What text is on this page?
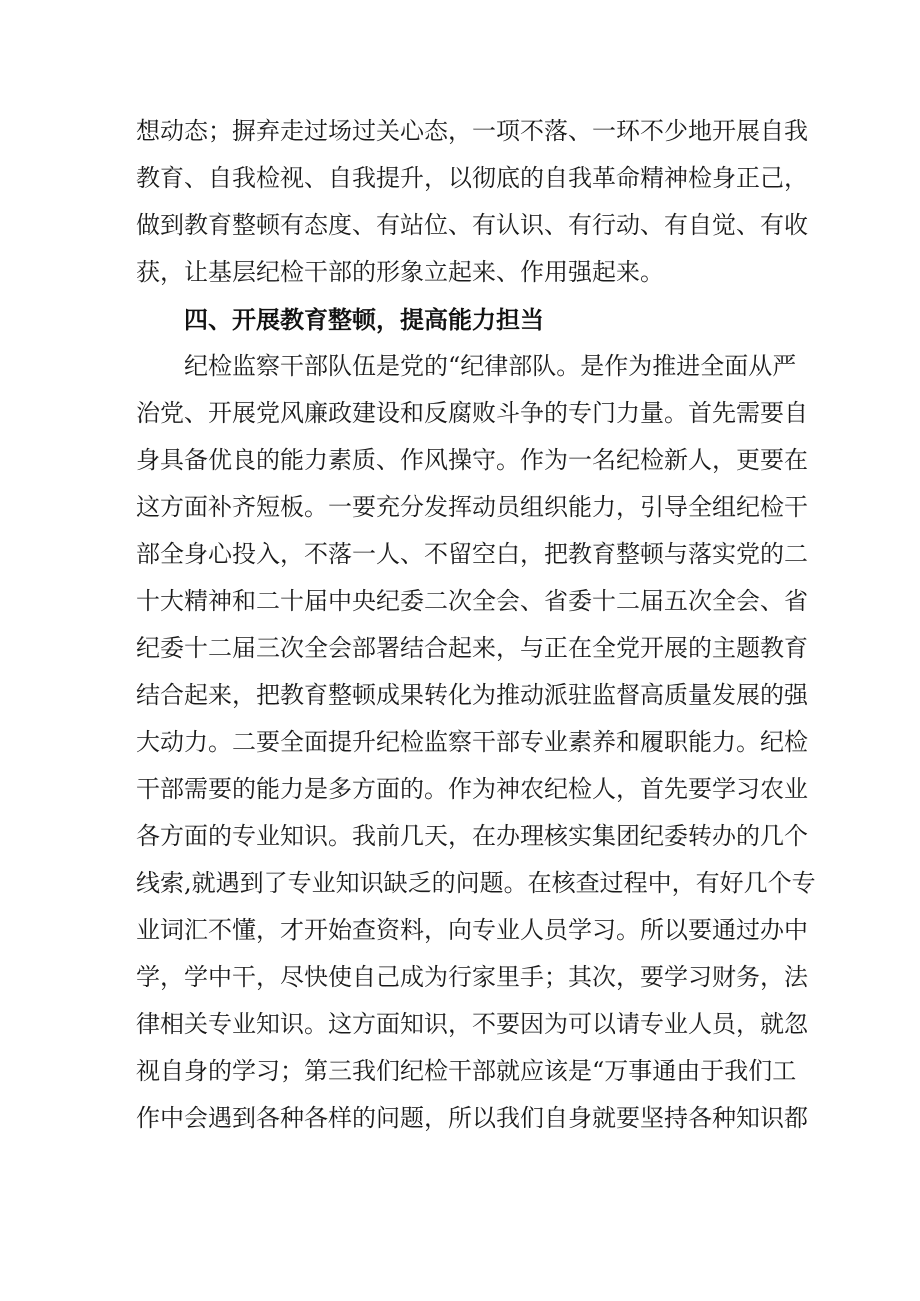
想动态；摒弃走过场过关心态，一项不落、一环不少地开展自我
教育、自我检视、自我提升，以彻底的自我革命精神检身正己，
做到教育整顿有态度、有站位、有认识、有行动、有自觉、有收
获，让基层纪检干部的形象立起来、作用强起来。
四、开展教育整顿，提高能力担当
纪检监察干部队伍是党的“纪律部队。是作为推进全面从严
治党、开展党风廉政建设和反腐败斗争的专门力量。首先需要自
身具备优良的能力素质、作风操守。作为一名纪检新人，更要在
这方面补齐短板。一要充分发挥动员组织能力，引导全组纪检干
部全身心投入，不落一人、不留空白，把教育整顿与落实党的二
十大精神和二十届中央纪委二次全会、省委十二届五次全会、省
纪委十二届三次全会部署结合起来，与正在全党开展的主题教育
结合起来，把教育整顿成果转化为推动派驻监督高质量发展的强
大动力。二要全面提升纪检监察干部专业素养和履职能力。纪检
干部需要的能力是多方面的。作为神农纪检人，首先要学习农业
各方面的专业知识。我前几天，在办理核实集团纪委转办的几个
线索,就遇到了专业知识缺乏的问题。在核查过程中，有好几个专
业词汇不懂，才开始查资料，向专业人员学习。所以要通过办中
学，学中干，尽快使自己成为行家里手；其次，要学习财务，法
律相关专业知识。这方面知识，不要因为可以请专业人员，就忽
视自身的学习；第三我们纪检干部就应该是“万事通由于我们工
作中会遇到各种各样的问题，所以我们自身就要坚持各种知识都
